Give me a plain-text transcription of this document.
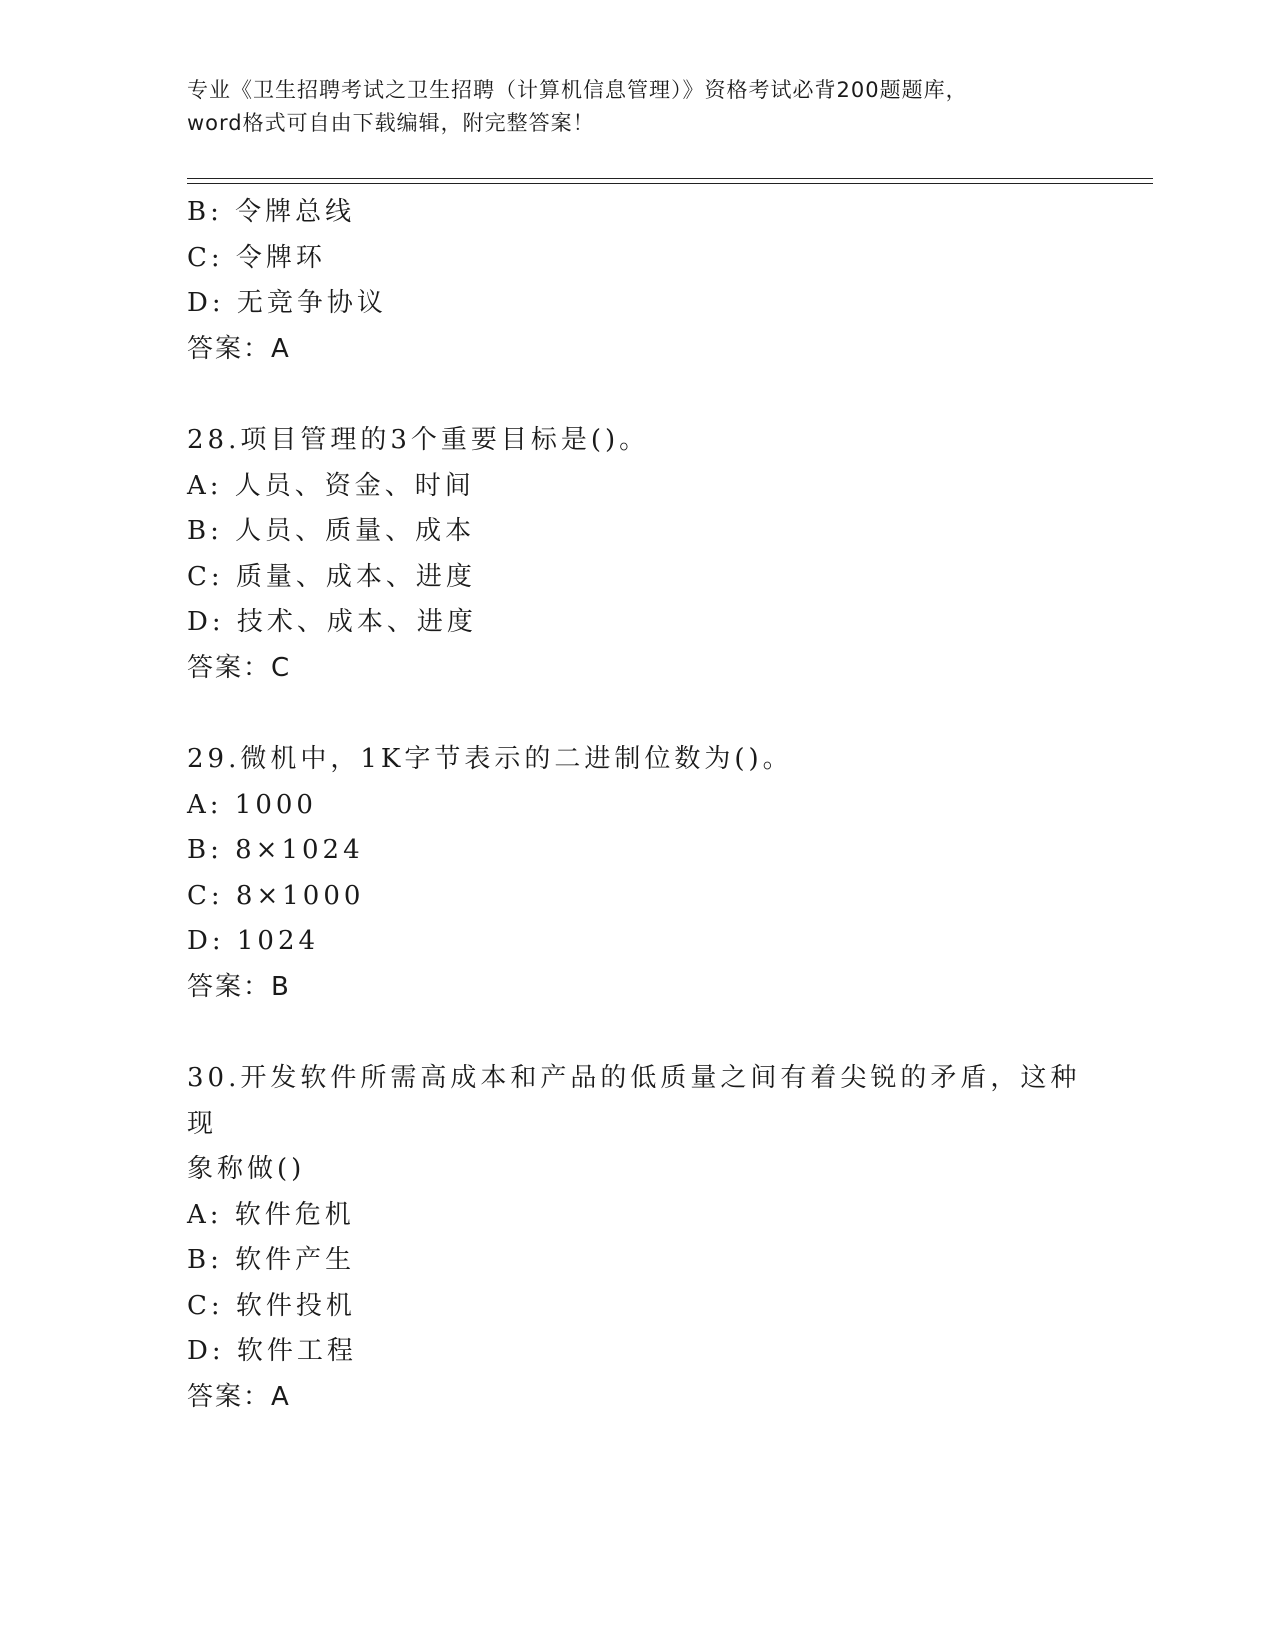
专业《卫生招聘考试之卫生招聘（计算机信息管理）》资格考试必背200题题库，
word格式可自由下载编辑，附完整答案！
B: 令牌总线
C: 令牌环
D: 无竞争协议
答案：A
28.项目管理的3个重要目标是()。
A: 人员、资金、时间
B: 人员、质量、成本
C: 质量、成本、进度
D: 技术、成本、进度
答案：C
29.微机中，1K字节表示的二进制位数为()。
A: 1000
B: 8×1024
C: 8×1000
D: 1024
答案：B
30.开发软件所需高成本和产品的低质量之间有着尖锐的矛盾，这种现
象称做()
A: 软件危机
B: 软件产生
C: 软件投机
D: 软件工程
答案：A
